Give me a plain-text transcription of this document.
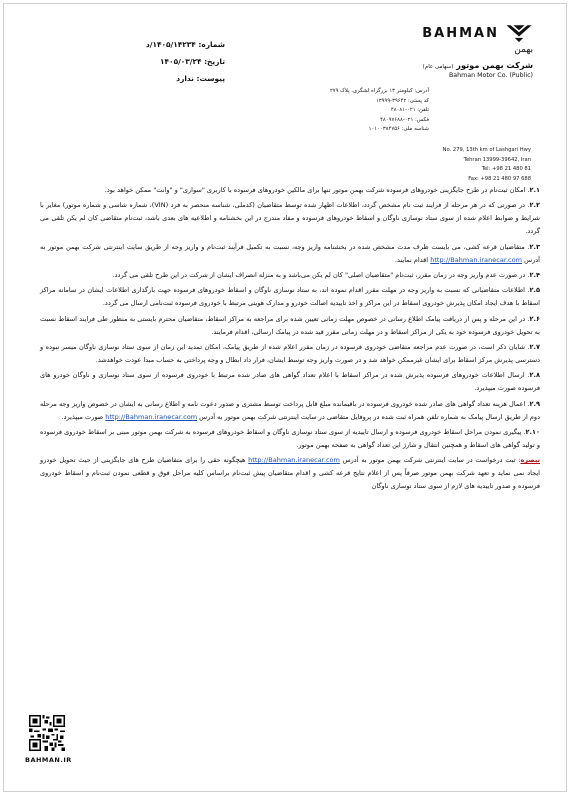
BAHMAN
بهمن
شرکت بهمن موتور (سهامی عام)
Bahman Motor Co. (Public)
آدرس: کیلومتر ۱۳ بزرگراه لشگری، پلاک ۲۷۹
کد پستی: ۳۹۶۴۲-۱۳۹۹۹
تلفن: ۰۲۱-۴۸۰۸۱
فکس: ۰۲۱-۴۸۰۹۷۶۸۸
شناسه ملی: ۱۰۱۰۰۳۸۴۷۵۶
No. 279, 13th km of Lashgari Hwy
Tehran 13999-39642, Iran
Tel: +98 21 480 81
Fax: +98 21 480 97 688
شماره: ۱۴۰۵/۱۴۲۳۴/د
تاریخ: ۱۴۰۵/۰۳/۲۴
پیوست: ندارد

۲.۱. امکان ثبت‌نام در طرح جایگزینی خودروهای فرسوده شرکت بهمن موتور تنها برای مالکین خودروهای فرسوده با کاربری "سواری" و "وانت" ممکن خواهد بود.

۲.۲. در صورتی که در هر مرحله از فرایند ثبت نام مشخص گردد، اطلاعات اظهار شده توسط متقاضیان (کدملی، شناسه منحصر به فرد (VIN)، شماره شاسی و شماره موتور) مغایر با شرایط و ضوابط اعلام شده از سوی ستاد نوسازی ناوگان و اسقاط خودروهای فرسوده و مفاد مندرج در این بخشنامه و اطلاعیه های بعدی باشد، ثبت‌نام متقاضی کان لم یکن تلقی می گردد.

۲.۳. متقاضیان قرعه کشی، می بایست ظرف مدت مشخص شده در بخشنامه واریز وجه، نسبت به تکمیل فرآیند ثبت‌نام و واریز وجه از طریق سایت اینترنتی شرکت بهمن موتور به آدرس http://Bahman.iranecar.com اقدام نمایند.

۲.۴. در صورت عدم واریز وجه در زمان مقرر، ثبت‌نام "متقاضیان اصلی" کان لم یکن می‌باشد و به منزله انصراف ایشان از شرکت در این طرح تلقی می گردد.

۲.۵. اطلاعات متقاضیانی که نسبت به واریز وجه در مهلت مقرر اقدام نموده اند، به ستاد نوسازی ناوگان و اسقاط خودروهای فرسوده جهت بارگذاری اطلاعات ایشان در سامانه مراکز اسقاط با هدف ایجاد امکان پذیرش خودروی اسقاط در این مراکز و اخذ تاییدیه اصالت خودرو و مدارک هویتی مرتبط با خودروی فرسوده ثبت‌نامی ارسال می گردد.

۲.۶. در این مرحله و پس از دریافت پیامک اطلاع رسانی در خصوص مهلت زمانی تعیین شده برای مراجعه به مراکز اسقاط، متقاضیان محترم بایستی به منظور طی فرایند اسقاط نسبت به تحویل خودروی فرسوده خود به یکی از مراکز اسقاط و در مهلت زمانی مقرر قید شده در پیامک ارسالی، اقدام فرمایند.

۲.۷. شایان ذکر است، در صورت عدم مراجعه متقاضی خودروی فرسوده در زمان مقرر اعلام شده از طریق پیامک، امکان تمدید این زمان از سوی ستاد نوسازی ناوگان میسر نبوده و دسترسی پذیرش مرکز اسقاط برای ایشان غیرممکن خواهد شد و در صورت واریز وجه توسط ایشان، فرار داد ابطال و وجه پرداختی به حساب مبدا عودت خواهدشد.

۲.۸. ارسال اطلاعات خودروهای فرسوده پذیرش شده در مراکز اسقاط با اعلام تعداد گواهی های صادر شده مرتبط با خودروی فرسوده از سوی ستاد نوسازی و ناوگان خودرو های فرسوده صورت میپذیرد.

۲.۹. اعمال هزینه تعداد گواهی های صادر شده خودروی فرسوده در باقیمانده مبلغ قابل پرداخت توسط مشتری و صدور دعوت نامه و اطلاع رسانی به ایشان در خصوص واریز وجه مرحله دوم از طریق ارسال پیامک به شماره تلفن همراه ثبت شده در پروفایل متقاضی در سایت اینترنتی شرکت بهمن موتور به آدرس http://Bahman.iranecar.com صورت میپذیرد.

۲.۱۰. پیگیری نمودن مراحل اسقاط خودروی فرسوده و ارسال تاییدیه از سوی ستاد نوسازی ناوگان و اسقاط خودروهای فرسوده به شرکت بهمن موتور مبنی بر اسقاط خودروی فرسوده و تولید گواهی های اسقاط و همچنین انتقال و شارژ این تعداد گواهی به صفحه بهمن موتور.

تبصره: ثبت درخواست در سایت اینترنتی شرکت بهمن موتور به آدرس http://Bahman.iranecar.com هیچگونه حقی را برای متقاضیان طرح های جایگزینی از حیث تحویل خودرو ایجاد نمی نماید و تعهد شرکت بهمن موتور صرفاً پس از اعلام نتایج قرعه کشی و اقدام متقاضیان پیش ثبت‌نام براساس کلیه مراحل فوق و قطعی نمودن ثبت‌نام و اسقاط خودروی فرسوده و صدور تاییدیه های لازم از سوی ستاد نوسازی ناوگان

BAHMAN.IR
